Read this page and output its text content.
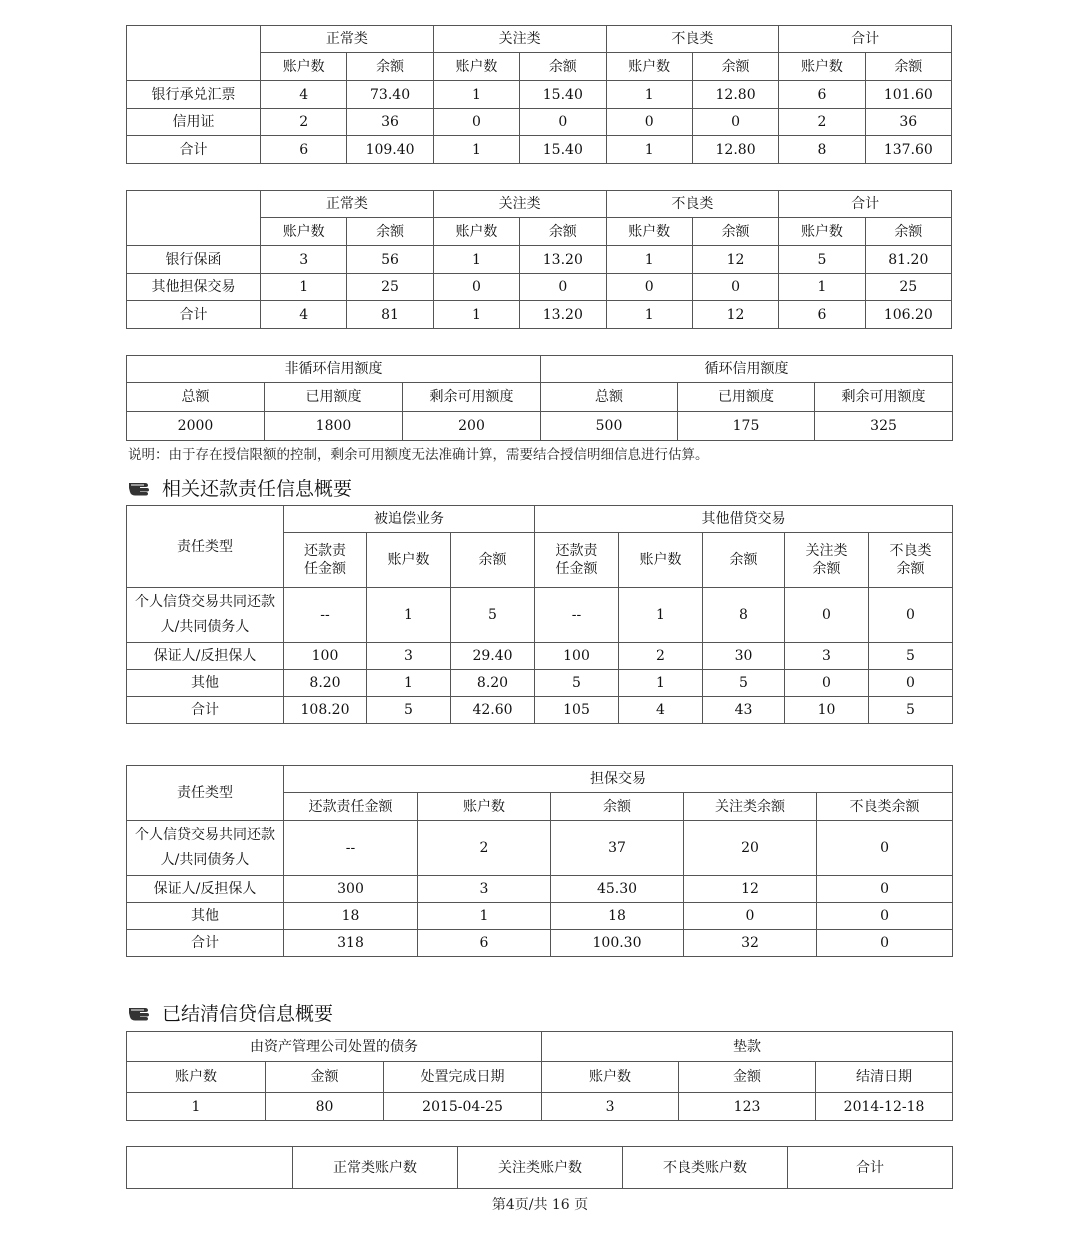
	正常类		关注类		不良类		合计	
	账户数	余额	账户数	余额	账户数	余额	账户数	余额
银行承兑汇票	4	73.40	1	15.40	1	12.80	6	101.60
信用证	2	36	0	0	0	0	2	36
合计	6	109.40	1	15.40	1	12.80	8	137.60
	正常类		关注类		不良类		合计	
	账户数	余额	账户数	余额	账户数	余额	账户数	余额
银行保函	3	56	1	13.20	1	12	5	81.20
其他担保交易	1	25	0	0	0	0	1	25
合计	4	81	1	13.20	1	12	6	106.20
非循环信用额度			循环信用额度		
总额	已用额度	剩余可用额度	总额	已用额度	剩余可用额度
2000	1800	200	500	175	325
说明：由于存在授信限额的控制，剩余可用额度无法准确计算，需要结合授信明细信息进行估算。
相关还款责任信息概要
责任类型	被追偿业务			其他借贷交易				
	还款责任金额	账户数	余额	还款责任金额	账户数	余额	关注类余额	不良类余额
个人信贷交易共同还款人/共同债务人	--	1	5	--	1	8	0	0
保证人/反担保人	100	3	29.40	100	2	30	3	5
其他	8.20	1	8.20	5	1	5	0	0
合计	108.20	5	42.60	105	4	43	10	5
责任类型	担保交易				
	还款责任金额	账户数	余额	关注类余额	不良类余额
个人信贷交易共同还款人/共同债务人	--	2	37	20	0
保证人/反担保人	300	3	45.30	12	0
其他	18	1	18	0	0
合计	318	6	100.30	32	0
已结清信贷信息概要
由资产管理公司处置的债务			垫款		
账户数	金额	处置完成日期	账户数	金额	结清日期
1	80	2015-04-25	3	123	2014-12-18
	正常类账户数	关注类账户数	不良类账户数	合计
第4页/共 16 页
